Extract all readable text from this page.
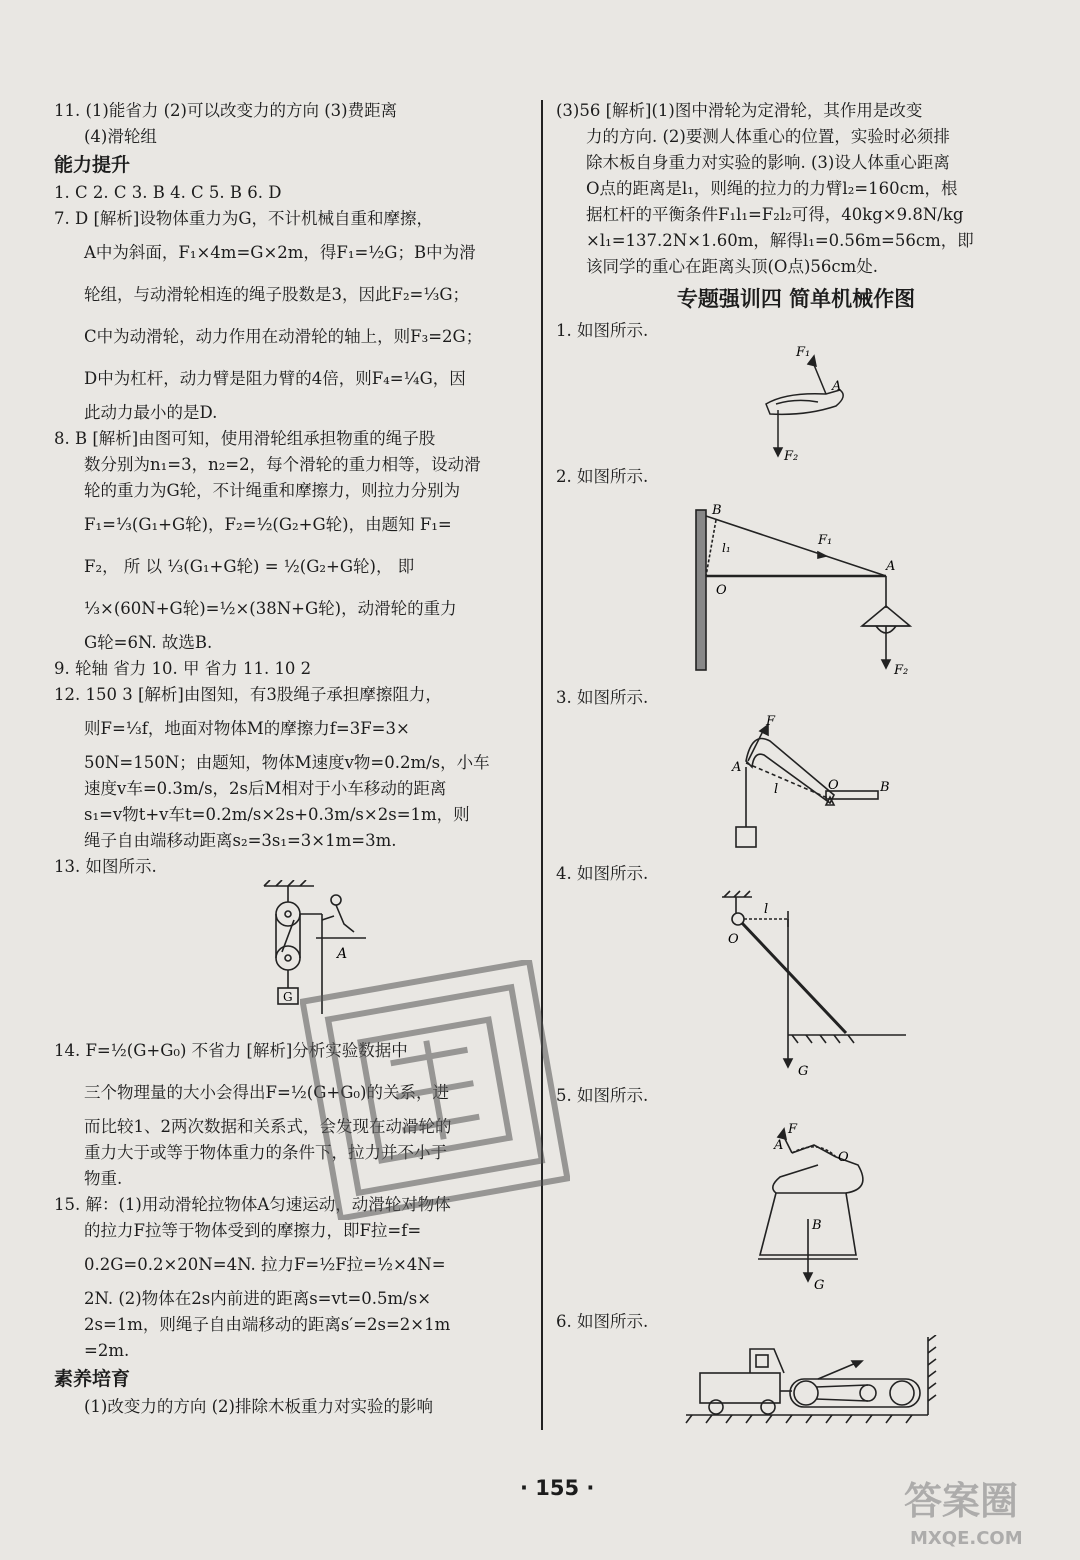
11. (1)能省力 (2)可以改变力的方向 (3)费距离
(4)滑轮组
能力提升
1. C 2. C 3. B 4. C 5. B 6. D
7. D [解析]设物体重力为G，不计机械自重和摩擦，
A中为斜面，F₁×4m=G×2m，得F₁=½G；B中为滑
轮组，与动滑轮相连的绳子股数是3，因此F₂=⅓G；
C中为动滑轮，动力作用在动滑轮的轴上，则F₃=2G；
D中为杠杆，动力臂是阻力臂的4倍，则F₄=¼G，因
此动力最小的是D.
8. B [解析]由图可知，使用滑轮组承担物重的绳子股
数分别为n₁=3，n₂=2，每个滑轮的重力相等，设动滑
轮的重力为G轮，不计绳重和摩擦力，则拉力分别为
F₁=⅓(G₁+G轮)，F₂=½(G₂+G轮)，由题知 F₁=
F₂， 所 以 ⅓(G₁+G轮) = ½(G₂+G轮)， 即
⅓×(60N+G轮)=½×(38N+G轮)，动滑轮的重力
G轮=6N. 故选B.
9. 轮轴 省力 10. 甲 省力 11. 10 2
12. 150 3 [解析]由图知，有3股绳子承担摩擦阻力，
则F=⅓f，地面对物体M的摩擦力f=3F=3×
50N=150N；由题知，物体M速度v物=0.2m/s，小车
速度v车=0.3m/s，2s后M相对于小车移动的距离
s₁=v物t+v车t=0.2m/s×2s+0.3m/s×2s=1m，则
绳子自由端移动距离s₂=3s₁=3×1m=3m.
13. 如图所示.
A
G
14. F=½(G+G₀) 不省力 [解析]分析实验数据中
三个物理量的大小会得出F=½(G+G₀)的关系，进
而比较1、2两次数据和关系式，会发现在动滑轮的
重力大于或等于物体重力的条件下，拉力并不小于
物重.
15. 解：(1)用动滑轮拉物体A匀速运动，动滑轮对物体
的拉力F拉等于物体受到的摩擦力，即F拉=f=
0.2G=0.2×20N=4N. 拉力F=½F拉=½×4N=
2N. (2)物体在2s内前进的距离s=vt=0.5m/s×
2s=1m，则绳子自由端移动的距离s′=2s=2×1m
=2m.
素养培育
(1)改变力的方向 (2)排除木板重力对实验的影响
(3)56 [解析](1)图中滑轮为定滑轮，其作用是改变
力的方向. (2)要测人体重心的位置，实验时必须排
除木板自身重力对实验的影响. (3)设人体重心距离
O点的距离是l₁，则绳的拉力的力臂l₂=160cm，根
据杠杆的平衡条件F₁l₁=F₂l₂可得，40kg×9.8N/kg
×l₁=137.2N×1.60m，解得l₁=0.56m=56cm，即
该同学的重心在距离头顶(O点)56cm处.
专题强训四 简单机械作图
1. 如图所示.
F₁
A
F₂
2. 如图所示.
B
l₁	F₁
A
O
F₂
3. 如图所示.
F
A
O	B
l
4. 如图所示.
l
O
G
5. 如图所示.
F
A
O
B
G
6. 如图所示.
· 155 ·	答案圈
MXQE.COM
